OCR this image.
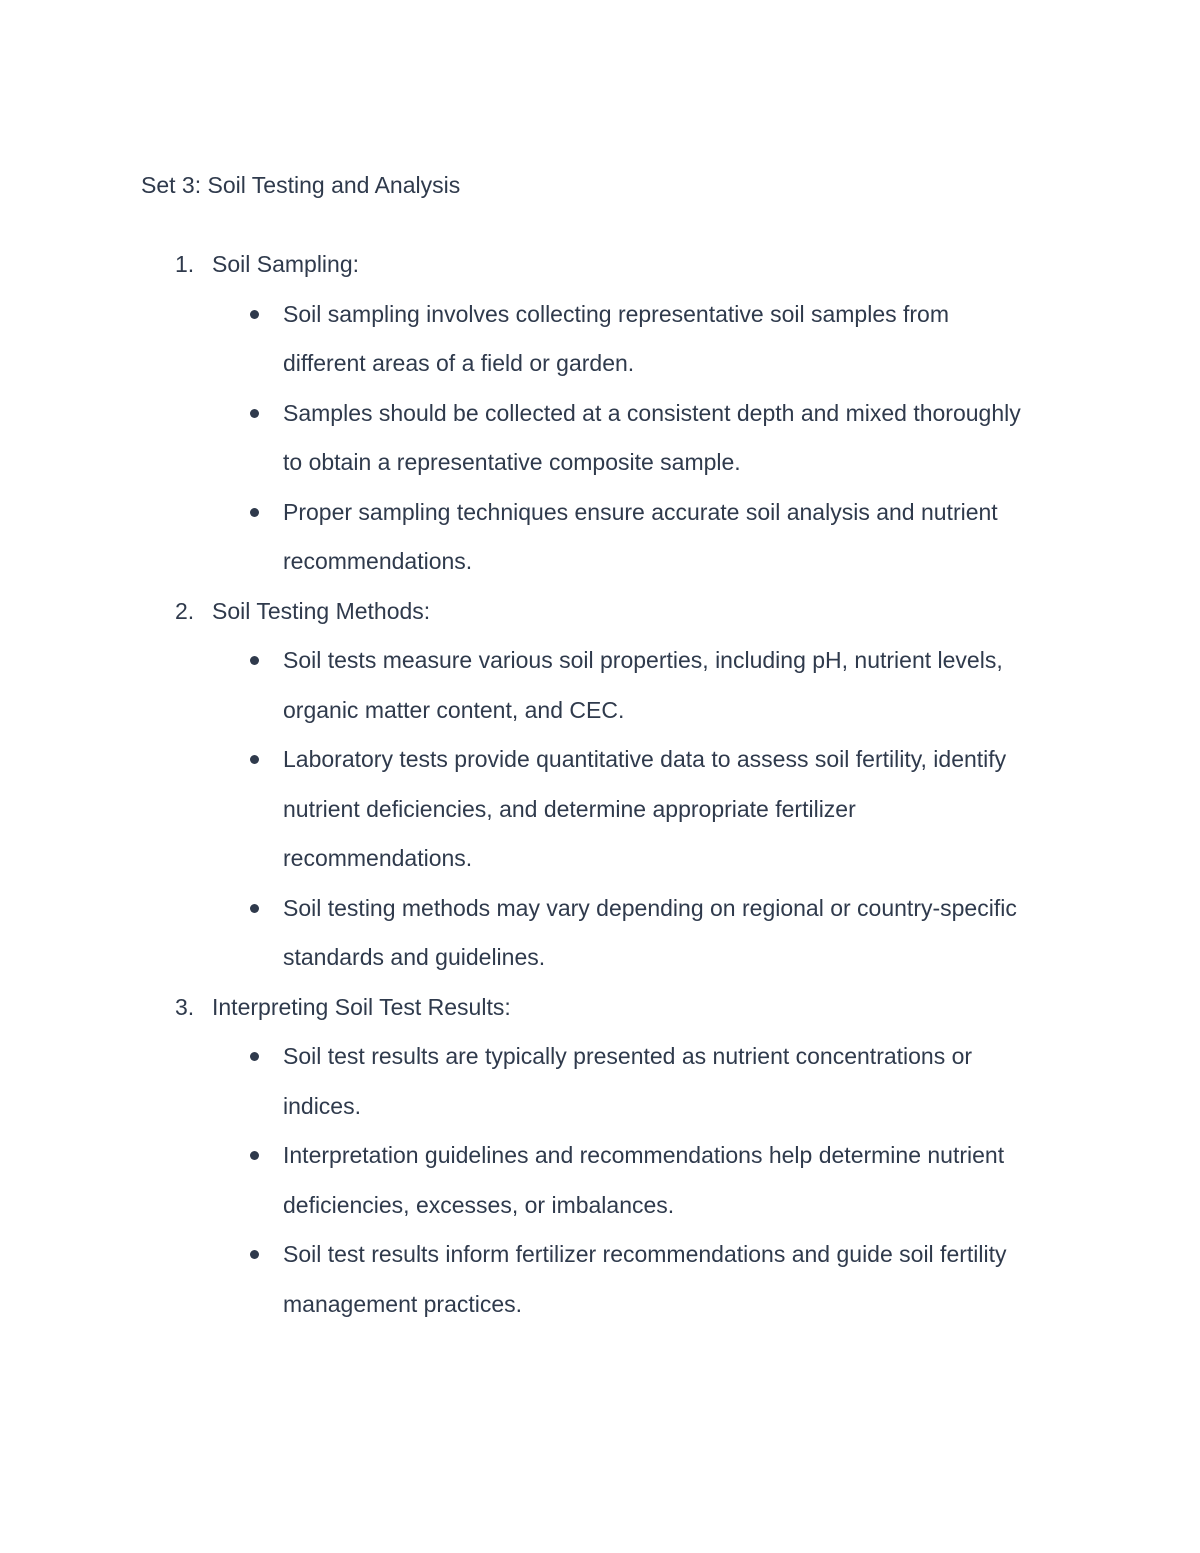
Set 3: Soil Testing and Analysis
1. Soil Sampling:
Soil sampling involves collecting representative soil samples from
different areas of a field or garden.
Samples should be collected at a consistent depth and mixed thoroughly
to obtain a representative composite sample.
Proper sampling techniques ensure accurate soil analysis and nutrient
recommendations.
2. Soil Testing Methods:
Soil tests measure various soil properties, including pH, nutrient levels,
organic matter content, and CEC.
Laboratory tests provide quantitative data to assess soil fertility, identify
nutrient deficiencies, and determine appropriate fertilizer
recommendations.
Soil testing methods may vary depending on regional or country-specific
standards and guidelines.
3. Interpreting Soil Test Results:
Soil test results are typically presented as nutrient concentrations or
indices.
Interpretation guidelines and recommendations help determine nutrient
deficiencies, excesses, or imbalances.
Soil test results inform fertilizer recommendations and guide soil fertility
management practices.
